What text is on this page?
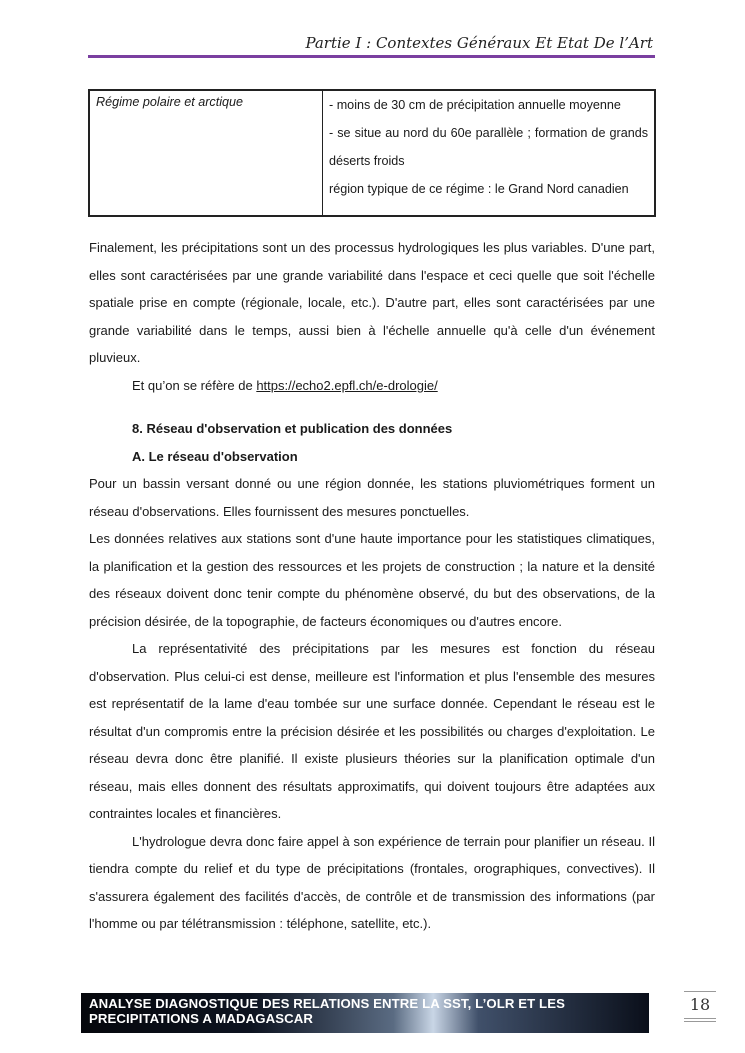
Partie I : Contextes Généraux Et Etat De l’Art
Régime polaire et arctique	- moins de 30 cm de précipitation annuelle moyenne
- se situe au nord du 60e parallèle ; formation de grands déserts froids
région typique de ce régime : le Grand Nord canadien

Finalement, les précipitations sont un des processus hydrologiques les plus variables. D'une part, elles sont caractérisées par une grande variabilité dans l'espace et ceci quelle que soit l'échelle spatiale prise en compte (régionale, locale, etc.). D'autre part, elles sont caractérisées par une grande variabilité dans le temps, aussi bien à l'échelle annuelle qu'à celle d'un événement pluvieux.

Et qu’on se réfère de https://echo2.epfl.ch/e-drologie/

8. Réseau d'observation et publication des données

A. Le réseau d'observation

Pour un bassin versant donné ou une région donnée, les stations pluviométriques forment un réseau d'observations. Elles fournissent des mesures ponctuelles.

Les données relatives aux stations sont d'une haute importance pour les statistiques climatiques, la planification et la gestion des ressources et les projets de construction ; la nature et la densité des réseaux doivent donc tenir compte du phénomène observé, du but des observations, de la précision désirée, de la topographie, de facteurs économiques ou d'autres encore.

La représentativité des précipitations par les mesures est fonction du réseau d'observation. Plus celui-ci est dense, meilleure est l'information et plus l'ensemble des mesures est représentatif de la lame d'eau tombée sur une surface donnée. Cependant le réseau est le résultat d'un compromis entre la précision désirée et les possibilités ou charges d'exploitation. Le réseau devra donc être planifié. Il existe plusieurs théories sur la planification optimale d'un réseau, mais elles donnent des résultats approximatifs, qui doivent toujours être adaptées aux contraintes locales et financières.

L'hydrologue devra donc faire appel à son expérience de terrain pour planifier un réseau. Il tiendra compte du relief et du type de précipitations (frontales, orographiques, convectives). Il s'assurera également des facilités d'accès, de contrôle et de transmission des informations (par l'homme ou par télétransmission : téléphone, satellite, etc.).

ANALYSE DIAGNOSTIQUE DES RELATIONS ENTRE LA SST, L’OLR ET LES
PRECIPITATIONS A MADAGASCAR
18
